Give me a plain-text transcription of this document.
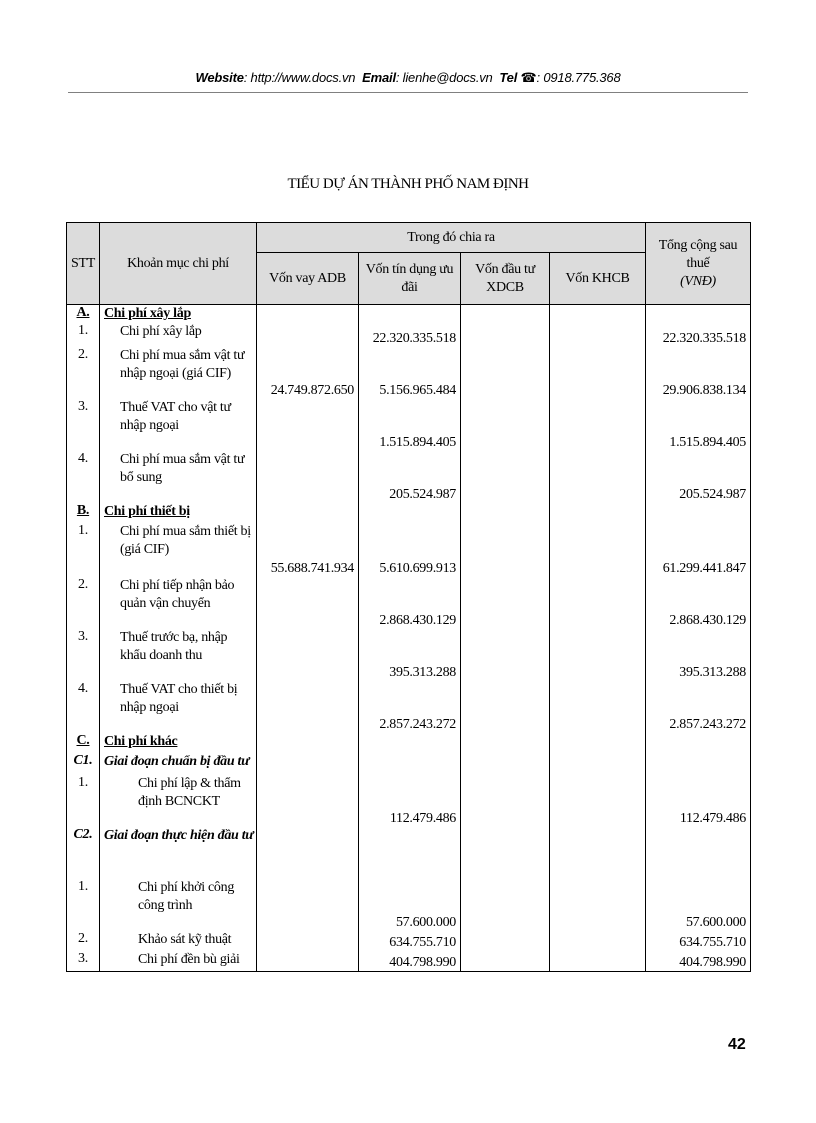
Website: http://www.docs.vn Email: lienhe@docs.vn Tel ☎: 0918.775.368
TIỂU DỰ ÁN THÀNH PHỐ NAM ĐỊNH
STT	Khoản mục chi phí	Trong đó chia ra				Tổng cộng sau thuế
(VNĐ)

		Vốn vay ADB	Vốn tín dụng ưu đãi	Vốn đầu tư XDCB	Vốn KHCB	
A.	Chi phí xây lắp					

1.	Chi phí xây lắp		22.320.335.518			22.320.335.518
2.	Chi phí mua sắm vật tư nhập ngoại (giá CIF)	24.749.872.650	5.156.965.484			29.906.838.134
3.	Thuế VAT cho vật tư nhập ngoại		1.515.894.405			1.515.894.405
4.	Chi phí mua sắm vật tư bổ sung		205.524.987			205.524.987
B.	Chi phí thiết bị					

1.	Chi phí mua sắm thiết bị (giá CIF)	55.688.741.934	5.610.699.913			61.299.441.847
2.	Chi phí tiếp nhận bảo quản vận chuyển		2.868.430.129			2.868.430.129
3.	Thuế trước bạ, nhập khẩu doanh thu		395.313.288			395.313.288
4.	Thuế VAT cho thiết bị nhập ngoại		2.857.243.272			2.857.243.272
C.	Chi phí khác					

C1.	Giai đoạn chuẩn bị đầu tư					

1.	Chi phí lập & thẩm định BCNCKT		112.479.486			112.479.486
C2.	Giai đoạn thực hiện đầu tư					

1.	Chi phí khởi công công trình		57.600.000			57.600.000
2.	Khảo sát kỹ thuật		634.755.710			634.755.710
3.	Chi phí đền bù giải		404.798.990			404.798.990
42
